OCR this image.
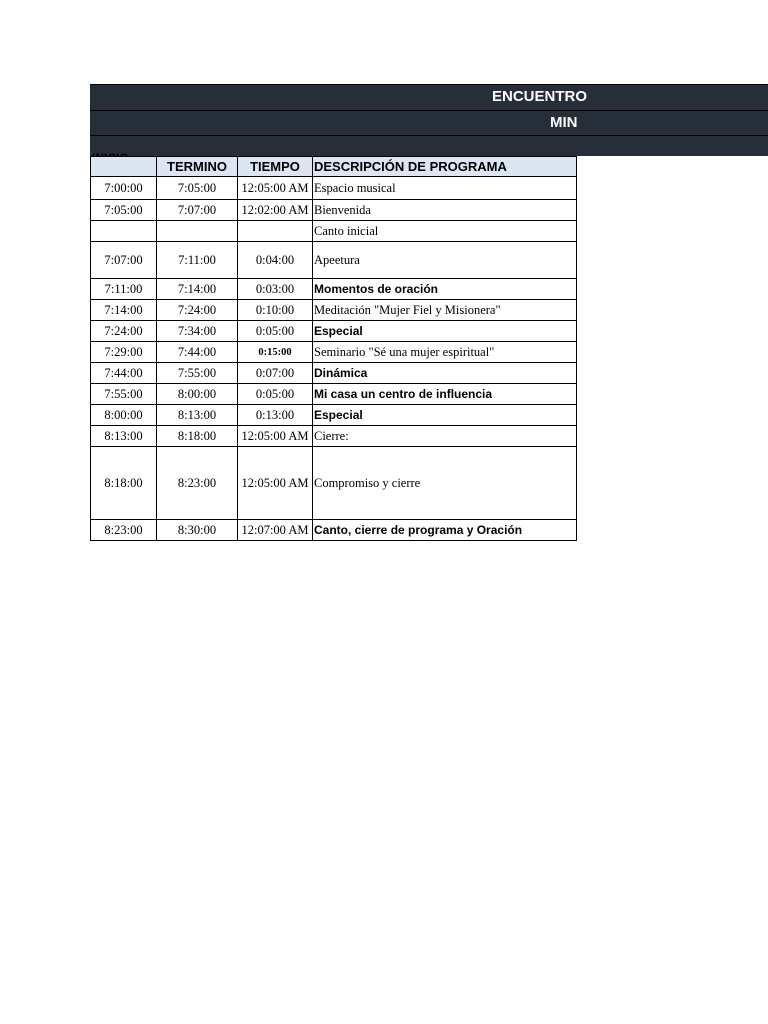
ENCUENTRO
MIN
	TERMINO	TIEMPO	DESCRIPCIÓN DE PROGRAMA
7:00:00	7:05:00	12:05:00 AM	Espacio musical
7:05:00	7:07:00	12:02:00 AM	Bienvenida
			Canto inicial
7:07:00	7:11:00	0:04:00	Apeetura
7:11:00	7:14:00	0:03:00	Momentos de oración
7:14:00	7:24:00	0:10:00	Meditación "Mujer Fiel y Misionera"
7:24:00	7:34:00	0:05:00	Especial
7:29:00	7:44:00	0:15:00	Seminario "Sé una mujer espiritual"
7:44:00	7:55:00	0:07:00	Dinámica
7:55:00	8:00:00	0:05:00	Mi casa un centro de influencia
8:00:00	8:13:00	0:13:00	Especial
8:13:00	8:18:00	12:05:00 AM	Cierre:
8:18:00	8:23:00	12:05:00 AM	Compromiso y cierre
8:23:00	8:30:00	12:07:00 AM	Canto, cierre de programa y Oración
